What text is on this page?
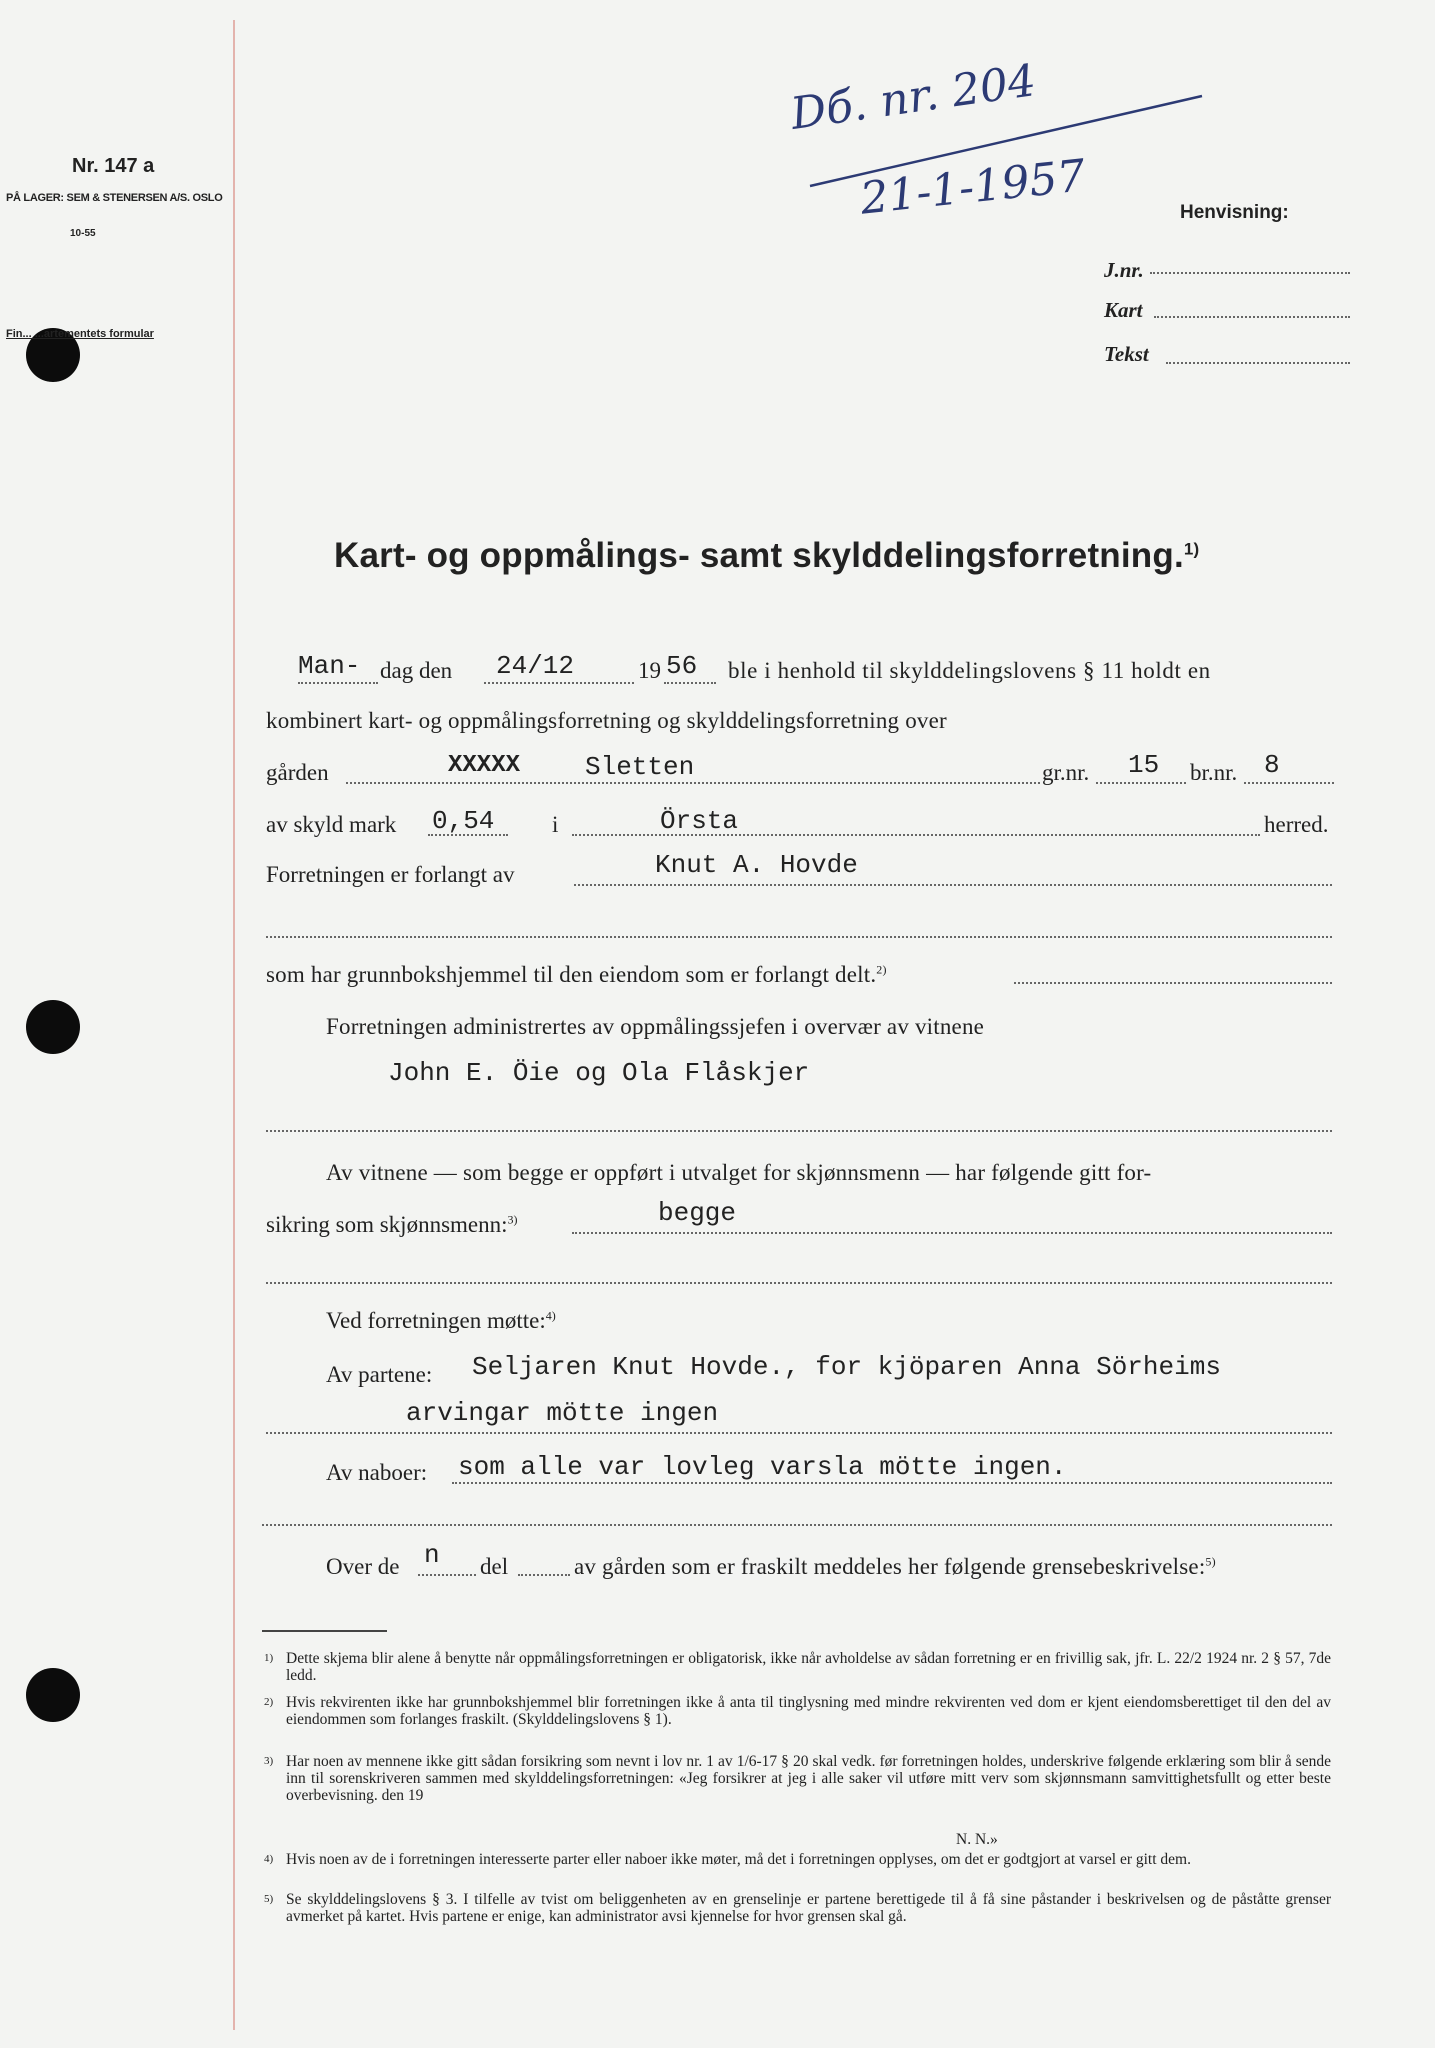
Nr. 147 a
PÅ LAGER: SEM & STENERSEN A/S. OSLO
10-55
Fin... ...artementets formular
Dб. nr. 204
21-1-1957	Henvisning:
J.nr.
Kart
Tekst
Kart- og oppmålings- samt skylddelingsforretning.$^{1)}$
Man- dag den 24/12	19 56 ble i henhold til skylddelingslovens § 11 holdt en
kombinert kart- og oppmålingsforretning og skylddelingsforretning over
gården	XXXXX Sletten	gr.nr. 15 br.nr. 8
av skyld mark 0,54	i	Örsta	herred.
Forretningen er forlangt av	Knut A. Hovde
som har grunnbokshjemmel til den eiendom som er forlangt delt.$^{2)}$
Forretningen administrertes av oppmålingssjefen i overvær av vitnene
John E. Öie og Ola Flåskjer
Av vitnene — som begge er oppført i utvalget for skjønnsmenn — har følgende gitt for-
sikring som skjønnsmenn:$^{3)}$	begge
Ved forretningen møtte:$^{4)}$
Av partene: Seljaren Knut Hovde., for kjöparen Anna Sörheims
arvingar mötte ingen
Av naboer: som alle var lovleg varsla mötte ingen.
Over de n del	av gården som er fraskilt meddeles her følgende grensebeskrivelse:$^{5)}$
1) Dette skjema blir alene å benytte når oppmålingsforretningen er obligatorisk, ikke når avholdelse av sådan forretning er en frivillig sak, jfr. L. 22/2 1924 nr. 2 § 57, 7de ledd.
2) Hvis rekvirenten ikke har grunnbokshjemmel blir forretningen ikke å anta til tinglysning med mindre rekvirenten ved dom er kjent eiendomsberettiget til den del av eiendommen som forlanges fraskilt. (Skylddelingslovens § 1).
3) Har noen av mennene ikke gitt sådan forsikring som nevnt i lov nr. 1 av 1/6-17 § 20 skal vedk. før forretningen holdes, underskrive følgende erklæring som blir å sende inn til sorenskriveren sammen med skylddelingsforretningen: «Jeg forsikrer at jeg i alle saker vil utføre mitt verv som skjønnsmann samvittighetsfullt og etter beste overbevisning. den 19
N. N.»
4) Hvis noen av de i forretningen interesserte parter eller naboer ikke møter, må det i forretningen opplyses, om det er godtgjort at varsel er gitt dem.
5) Se skylddelingslovens § 3. I tilfelle av tvist om beliggenheten av en grenselinje er partene berettigede til å få sine påstander i beskrivelsen og de påståtte grenser avmerket på kartet. Hvis partene er enige, kan administrator avsi kjennelse for hvor grensen skal gå.
